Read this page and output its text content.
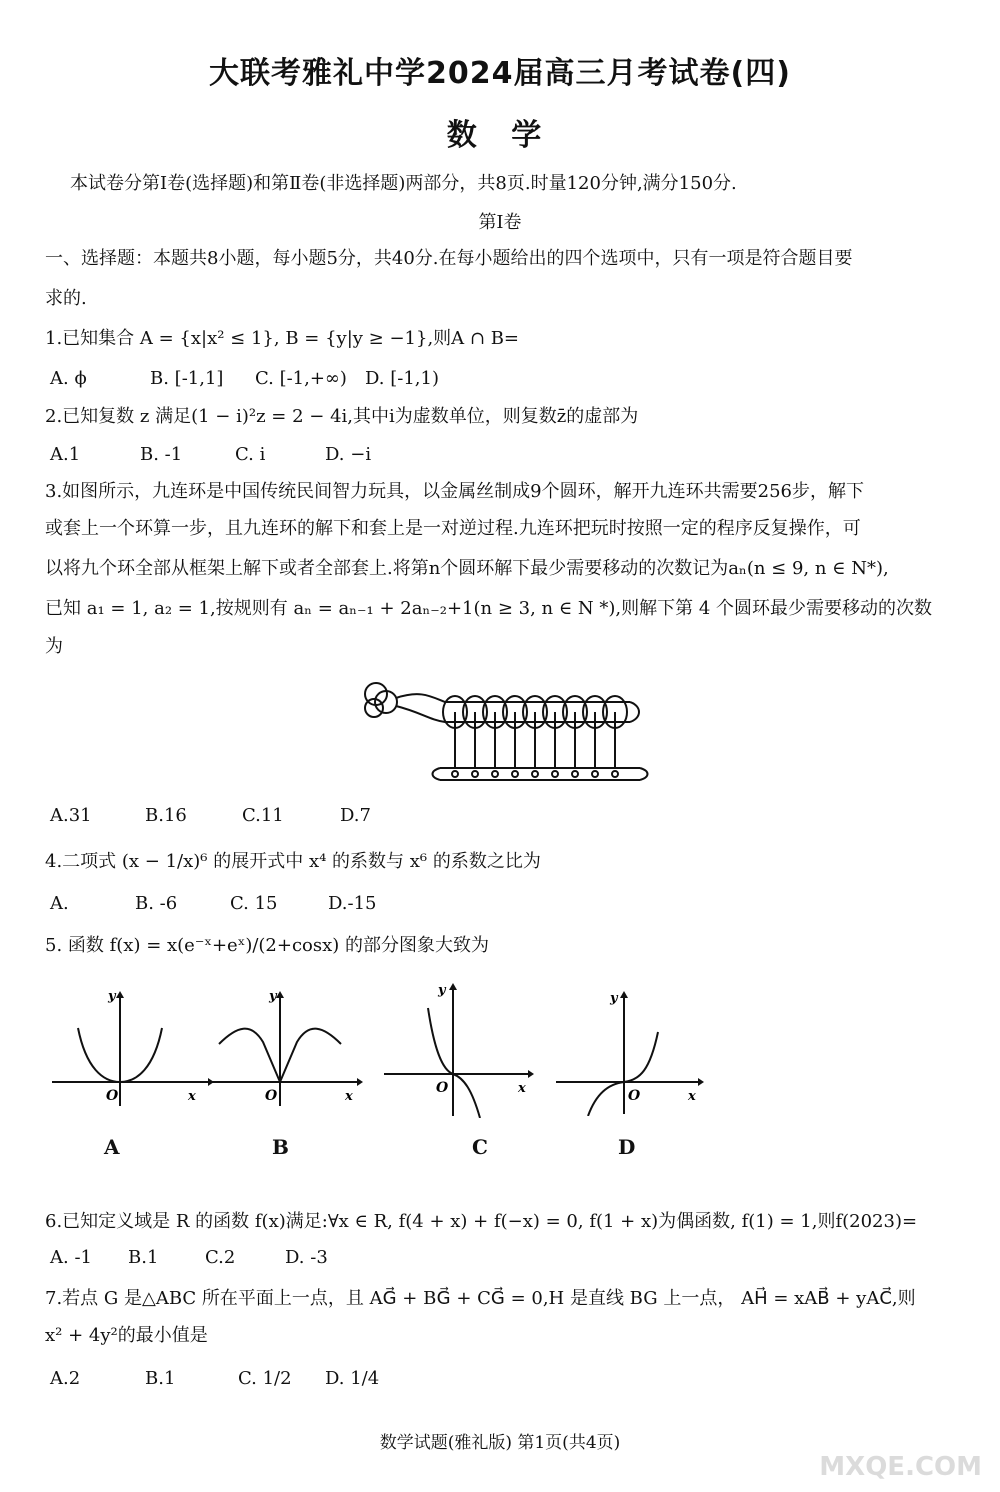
大联考雅礼中学2024届高三月考试卷(四)
数 学
本试卷分第Ⅰ卷(选择题)和第Ⅱ卷(非选择题)两部分，共8页.时量120分钟,满分150分.
第Ⅰ卷
一、选择题：本题共8小题，每小题5分，共40分.在每小题给出的四个选项中，只有一项是符合题目要
求的.
1.已知集合 A = {x|x² ≤ 1}, B = {y|y ≥ −1},则A ∩ B=
A. ϕ	B. [-1,1] C. [-1,+∞) D. [-1,1)
2.已知复数 z 满足(1 − i)²z = 2 − 4i,其中i为虚数单位，则复数z̄的虚部为
A.1	B. -1	C. i	D. −i
3.如图所示，九连环是中国传统民间智力玩具，以金属丝制成9个圆环，解开九连环共需要256步，解下
或套上一个环算一步，且九连环的解下和套上是一对逆过程.九连环把玩时按照一定的程序反复操作，可
以将九个环全部从框架上解下或者全部套上.将第n个圆环解下最少需要移动的次数记为aₙ(n ≤ 9, n ∈ N*),
已知 a₁ = 1, a₂ = 1,按规则有 aₙ = aₙ₋₁ + 2aₙ₋₂+1(n ≥ 3, n ∈ N *),则解下第 4 个圆环最少需要移动的次数
为
A.31	B.16	C.11	D.7
4.二项式 (x − 1/x)⁶ 的展开式中 x⁴ 的系数与 x⁶ 的系数之比为
A.	B. -6	C. 15	D.-15
5. 函数 f(x) = x(e⁻ˣ+eˣ)/(2+cosx) 的部分图象大致为
y
O	x
A
y
O	x
B
y
O	x
C
y
O	x
D
6.已知定义域是 R 的函数 f(x)满足:∀x ∈ R, f(4 + x) + f(−x) = 0, f(1 + x)为偶函数, f(1) = 1,则f(2023)=
A. -1 B.1	C.2	D. -3
7.若点 G 是△ABC 所在平面上一点，且 AG⃗ + BG⃗ + CG⃗ = 0,H 是直线 BG 上一点， AH⃗ = xAB⃗ + yAC⃗,则
x² + 4y²的最小值是
A.2	B.1	C. 1/2 D. 1/4
数学试题(雅礼版) 第1页(共4页)
MXQE.COM
